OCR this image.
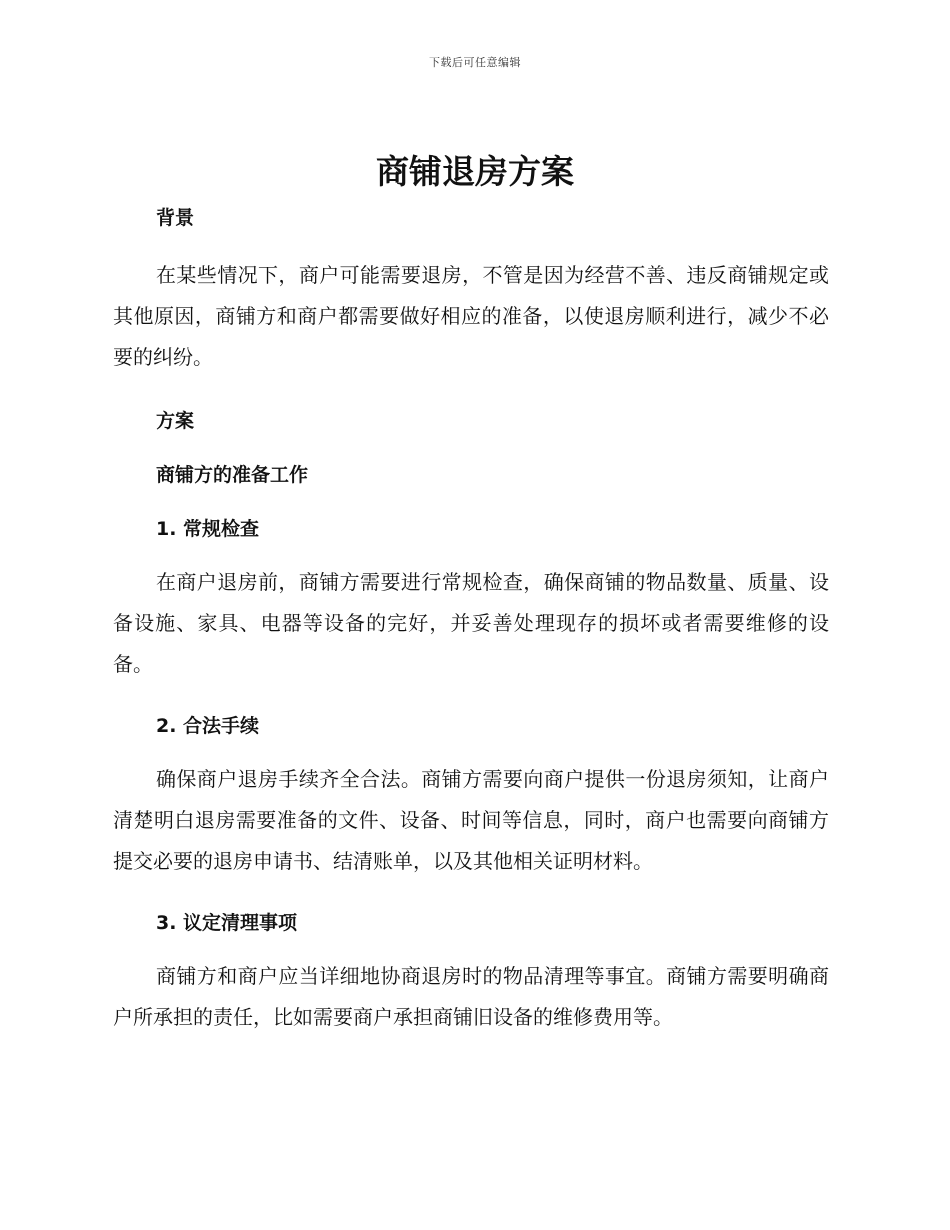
下载后可任意编辑
商铺退房方案

背景

在某些情况下，商户可能需要退房，不管是因为经营不善、违反商铺规定或其他原因，商铺方和商户都需要做好相应的准备，以使退房顺利进行，减少不必要的纠纷。

方案

商铺方的准备工作

1. 常规检查

在商户退房前，商铺方需要进行常规检查，确保商铺的物品数量、质量、设备设施、家具、电器等设备的完好，并妥善处理现存的损坏或者需要维修的设备。

2. 合法手续

确保商户退房手续齐全合法。商铺方需要向商户提供一份退房须知，让商户清楚明白退房需要准备的文件、设备、时间等信息，同时，商户也需要向商铺方提交必要的退房申请书、结清账单，以及其他相关证明材料。

3. 议定清理事项

商铺方和商户应当详细地协商退房时的物品清理等事宜。商铺方需要明确商户所承担的责任，比如需要商户承担商铺旧设备的维修费用等。
